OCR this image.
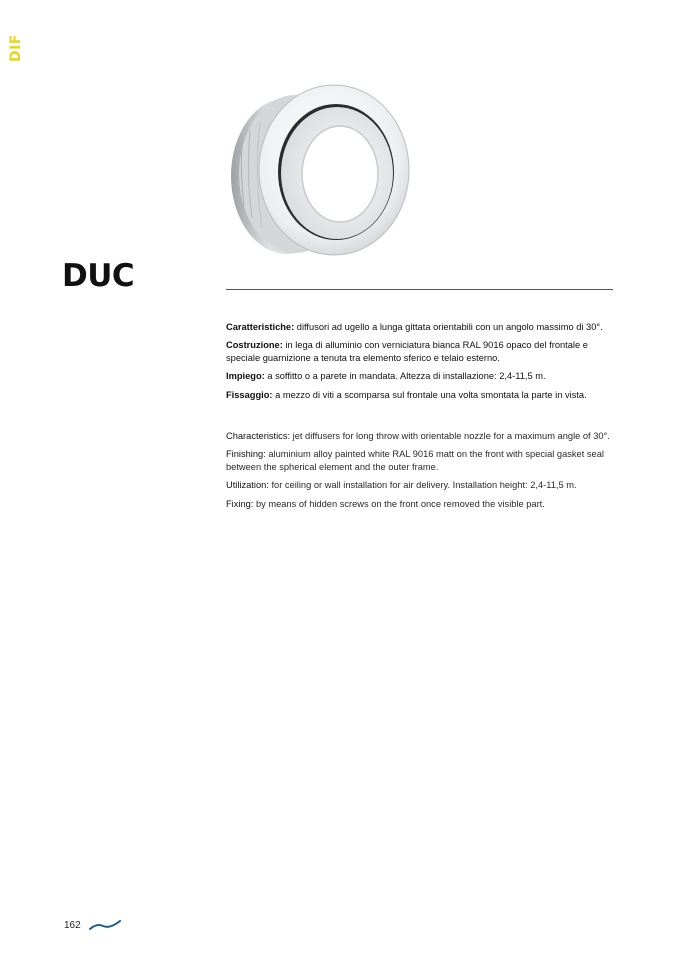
DIF
DUC

Caratteristiche: diffusori ad ugello a lunga gittata orientabili con un angolo massimo di 30°.

Costruzione: in lega di alluminio con verniciatura bianca RAL 9016 opaco del frontale e speciale guarnizione a tenuta tra elemento sferico e telaio esterno.

Impiego: a soffitto o a parete in mandata. Altezza di installazione: 2,4-11,5 m.

Fissaggio: a mezzo di viti a scomparsa sul frontale una volta smontata la parte in vista.

Characteristics: jet diffusers for long throw with orientable nozzle for a maximum angle of 30°.

Finishing: aluminium alloy painted white RAL 9016 matt on the front with special gasket seal between the spherical element and the outer frame.

Utilization: for ceiling or wall installation for air delivery. Installation height: 2,4-11,5 m.

Fixing: by means of hidden screws on the front once removed the visible part.

162
